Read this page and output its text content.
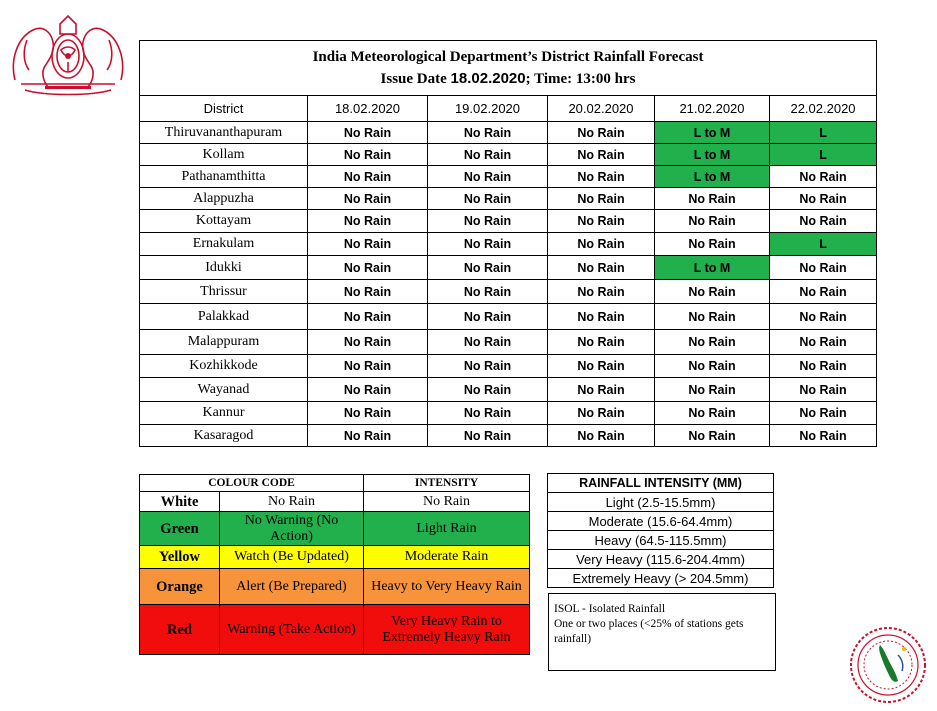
India Meteorological Department’s District Rainfall Forecast
Issue Date 18.02.2020; Time: 13:00 hrs					

District	18.02.2020	19.02.2020	20.02.2020	21.02.2020	22.02.2020
Thiruvananthapuram	No Rain	No Rain	No Rain	L to M	L
Kollam	No Rain	No Rain	No Rain	L to M	L
Pathanamthitta	No Rain	No Rain	No Rain	L to M	No Rain
Alappuzha	No Rain	No Rain	No Rain	No Rain	No Rain
Kottayam	No Rain	No Rain	No Rain	No Rain	No Rain
Ernakulam	No Rain	No Rain	No Rain	No Rain	L
Idukki	No Rain	No Rain	No Rain	L to M	No Rain
Thrissur	No Rain	No Rain	No Rain	No Rain	No Rain
Palakkad	No Rain	No Rain	No Rain	No Rain	No Rain
Malappuram	No Rain	No Rain	No Rain	No Rain	No Rain
Kozhikkode	No Rain	No Rain	No Rain	No Rain	No Rain
Wayanad	No Rain	No Rain	No Rain	No Rain	No Rain
Kannur	No Rain	No Rain	No Rain	No Rain	No Rain
Kasaragod	No Rain	No Rain	No Rain	No Rain	No Rain
COLOUR CODE		INTENSITY
White	No Rain	No Rain
Green	No Warning (No Action)	Light Rain
Yellow	Watch (Be Updated)	Moderate Rain
Orange	Alert (Be Prepared)	Heavy to Very Heavy Rain
Red	Warning (Take Action)	Very Heavy Rain to Extremely Heavy Rain
RAINFALL INTENSITY (MM)
Light (2.5-15.5mm)
Moderate (15.6-64.4mm)
Heavy (64.5-115.5mm)
Very Heavy (115.6-204.4mm)
Extremely Heavy (> 204.5mm)
ISOL - Isolated Rainfall
One or two places (<25% of stations gets rainfall)
